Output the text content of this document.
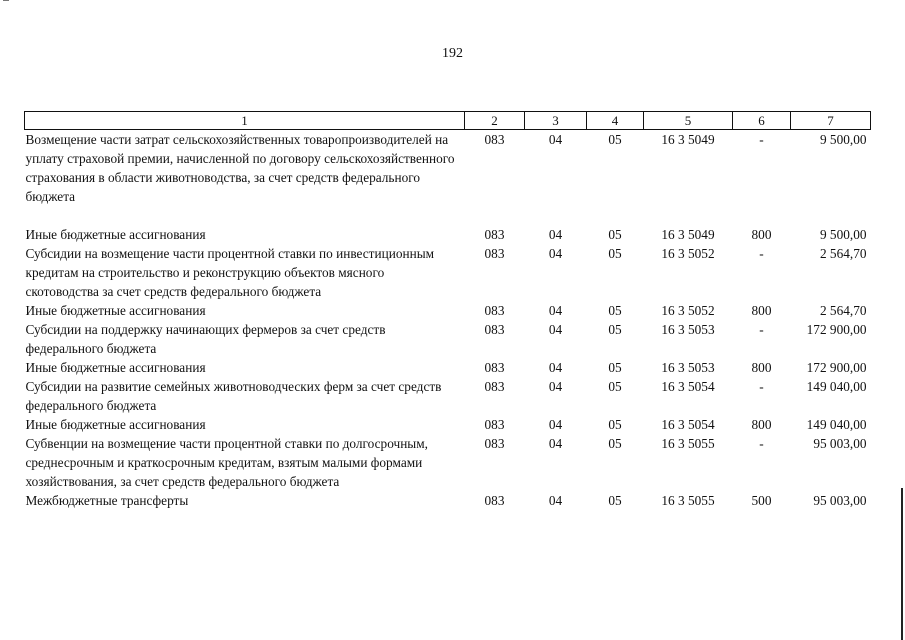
192
1	2	3	4	5	6	7
Возмещение части затрат сельскохозяйственных товаропроизводителей на уплату страховой премии, начисленной по договору сельскохозяйственного страхования в области животноводства, за счет средств федерального бюджета	083	04	05	16 3 5049	-	9 500,00

Иные бюджетные ассигнования	083	04	05	16 3 5049	800	9 500,00
Субсидии на возмещение части процентной ставки по инвестиционным кредитам на строительство и реконструкцию объектов мясного скотоводства за счет средств федерального бюджета	083	04	05	16 3 5052	-	2 564,70
Иные бюджетные ассигнования	083	04	05	16 3 5052	800	2 564,70
Субсидии на поддержку начинающих фермеров за счет средств федерального бюджета	083	04	05	16 3 5053	-	172 900,00
Иные бюджетные ассигнования	083	04	05	16 3 5053	800	172 900,00
Субсидии на развитие семейных животноводческих ферм за счет средств федерального бюджета	083	04	05	16 3 5054	-	149 040,00
Иные бюджетные ассигнования	083	04	05	16 3 5054	800	149 040,00
Субвенции на возмещение части процентной ставки по долгосрочным, среднесрочным и краткосрочным кредитам, взятым малыми формами хозяйствования, за счет средств федерального бюджета	083	04	05	16 3 5055	-	95 003,00
Межбюджетные трансферты	083	04	05	16 3 5055	500	95 003,00
